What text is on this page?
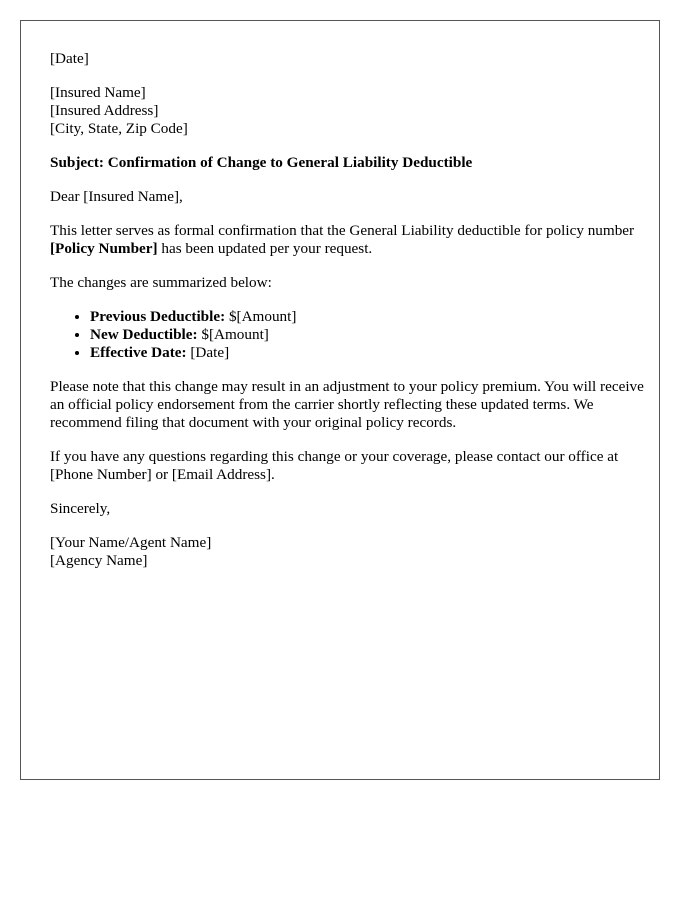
[Date]

[Insured Name]
[Insured Address]
[City, State, Zip Code]

Subject: Confirmation of Change to General Liability Deductible

Dear [Insured Name],

This letter serves as formal confirmation that the General Liability deductible for policy number [Policy Number] has been updated per your request.

The changes are summarized below:

• Previous Deductible: $[Amount]
• New Deductible: $[Amount]
• Effective Date: [Date]

Please note that this change may result in an adjustment to your policy premium. You will receive an official policy endorsement from the carrier shortly reflecting these updated terms. We recommend filing that document with your original policy records.

If you have any questions regarding this change or your coverage, please contact our office at [Phone Number] or [Email Address].

Sincerely,

[Your Name/Agent Name]
[Agency Name]
